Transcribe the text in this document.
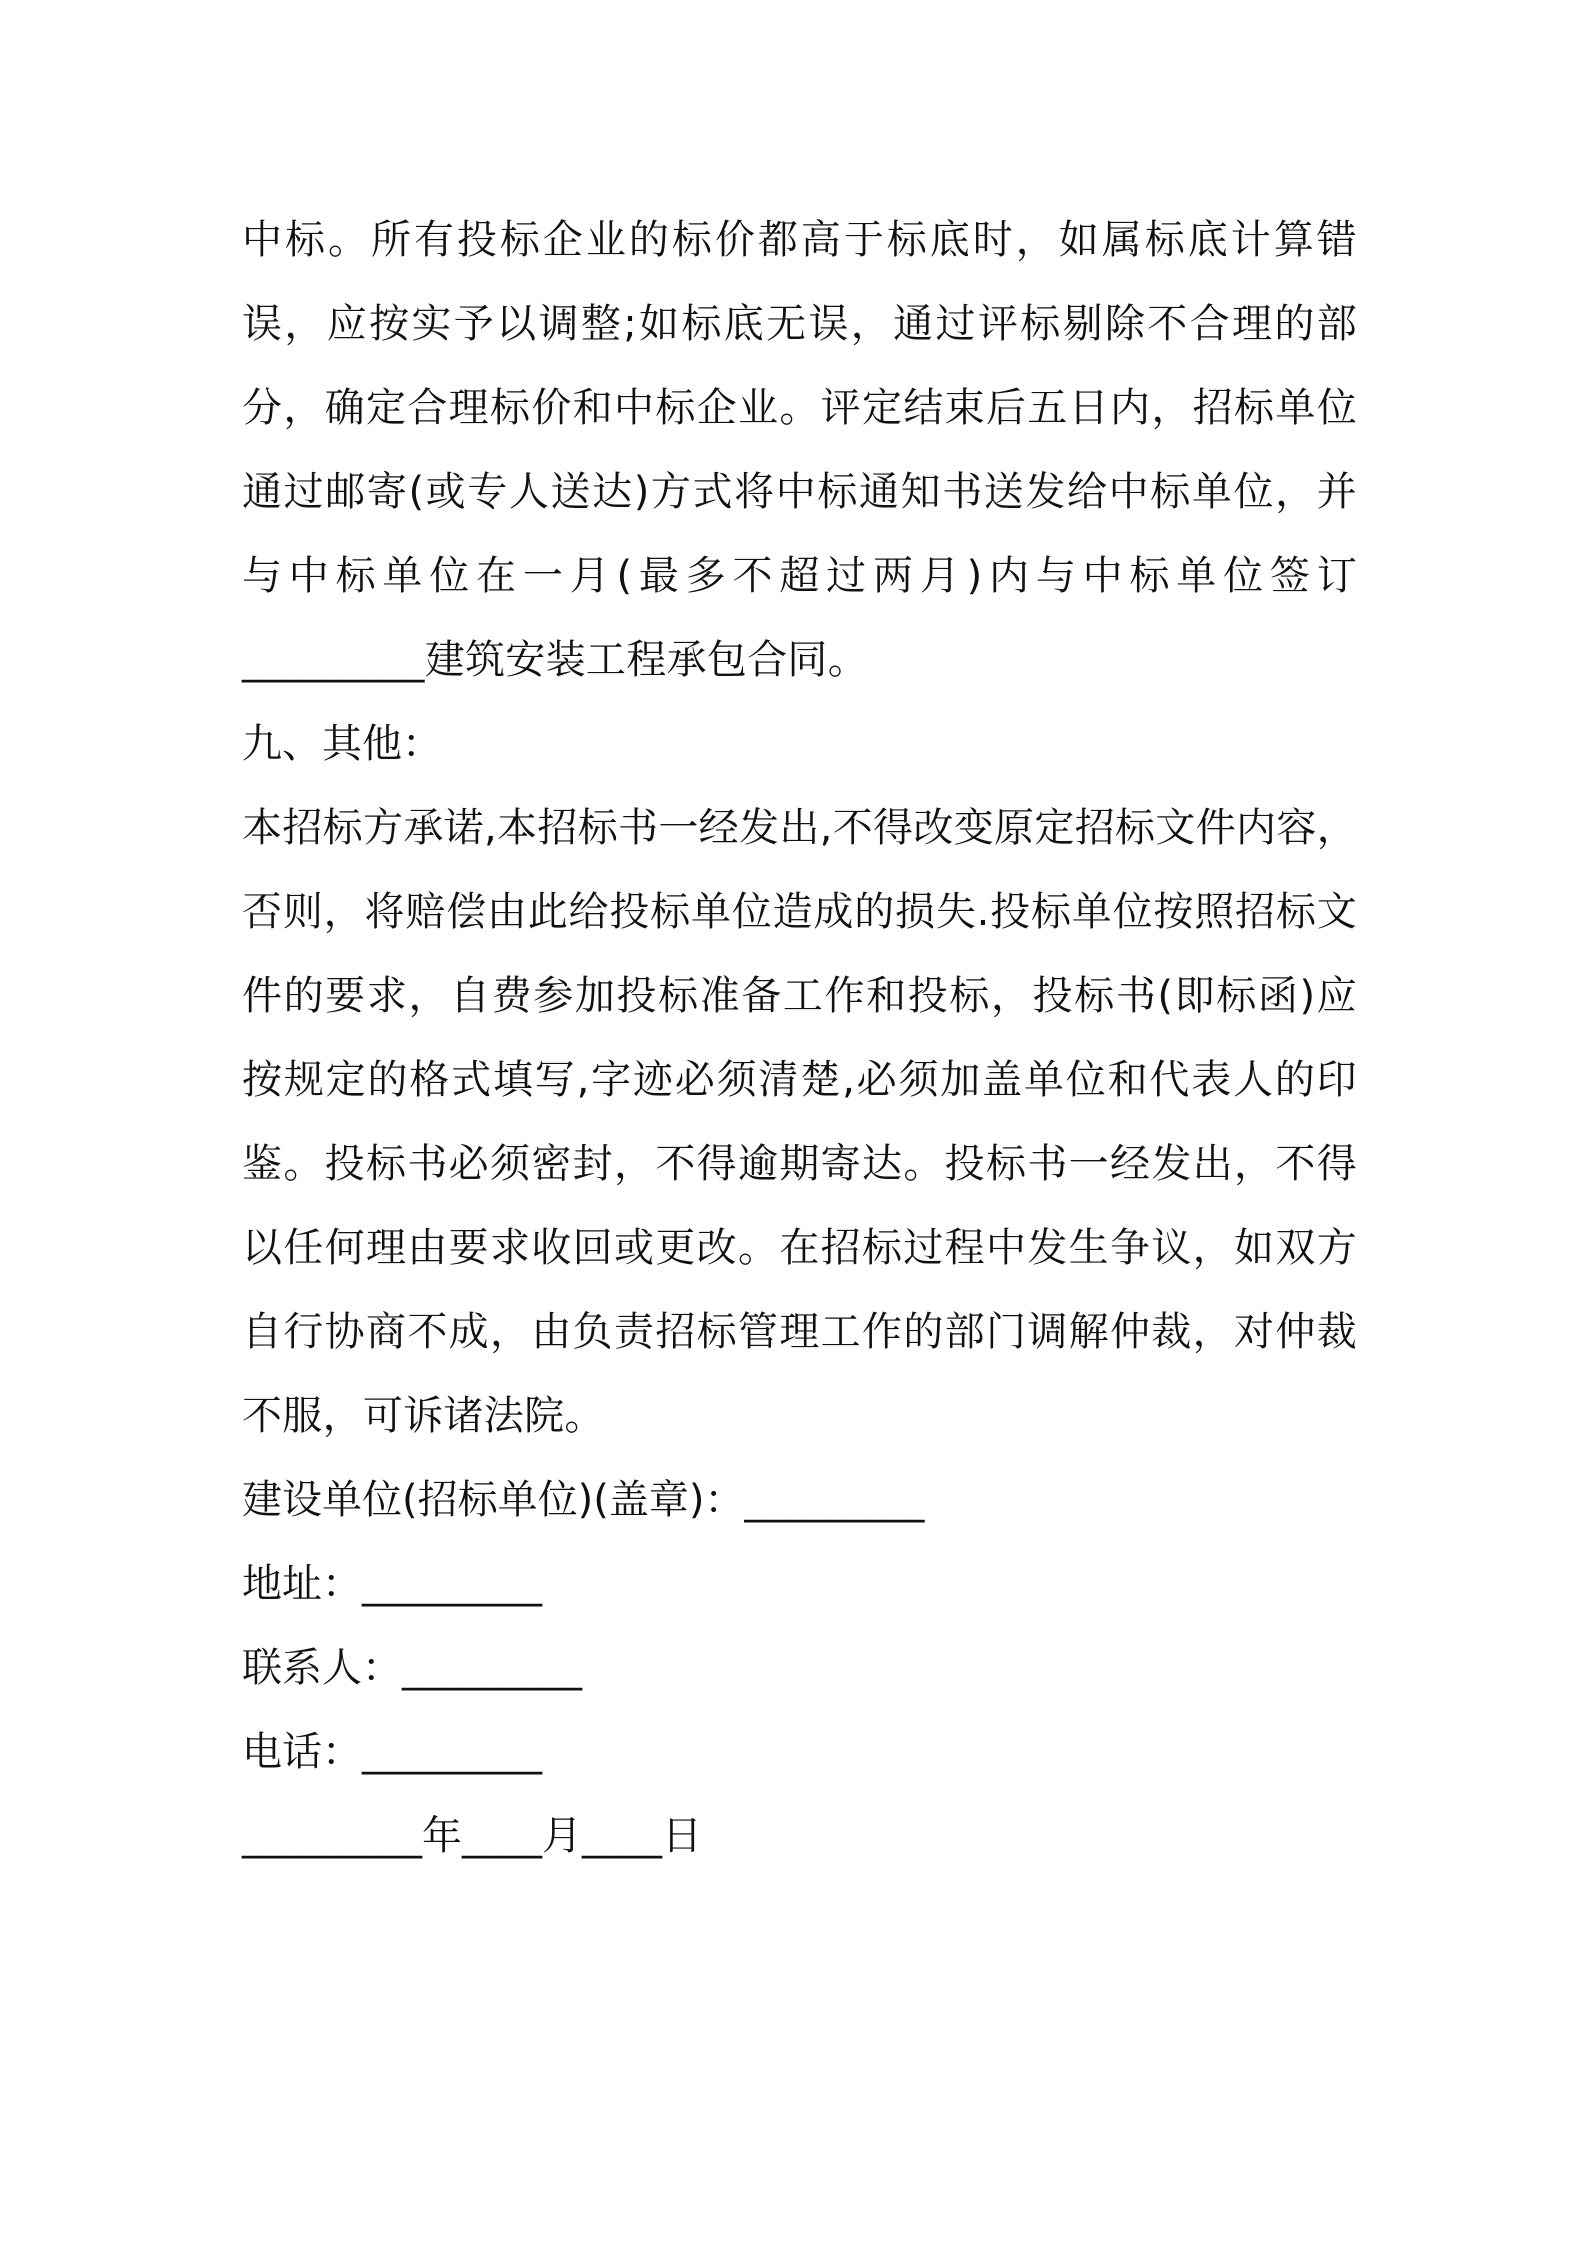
中标。所有投标企业的标价都高于标底时，如属标底计算错误，应按实予以调整;如标底无误，通过评标剔除不合理的部分，确定合理标价和中标企业。评定结束后五日内，招标单位通过邮寄(或专人送达)方式将中标通知书送发给中标单位，并与中标单位在一月(最多不超过两月)内与中标单位签订_________建筑安装工程承包合同。

九、其他：

本招标方承诺,本招标书一经发出,不得改变原定招标文件内容，否则，将赔偿由此给投标单位造成的损失.投标单位按照招标文件的要求，自费参加投标准备工作和投标，投标书(即标函)应按规定的格式填写,字迹必须清楚,必须加盖单位和代表人的印鉴。投标书必须密封，不得逾期寄达。投标书一经发出，不得以任何理由要求收回或更改。在招标过程中发生争议，如双方自行协商不成，由负责招标管理工作的部门调解仲裁，对仲裁不服，可诉诸法院。

建设单位(招标单位)(盖章)：_________

地址：_________

联系人：_________

电话：_________

_________年____月____日
